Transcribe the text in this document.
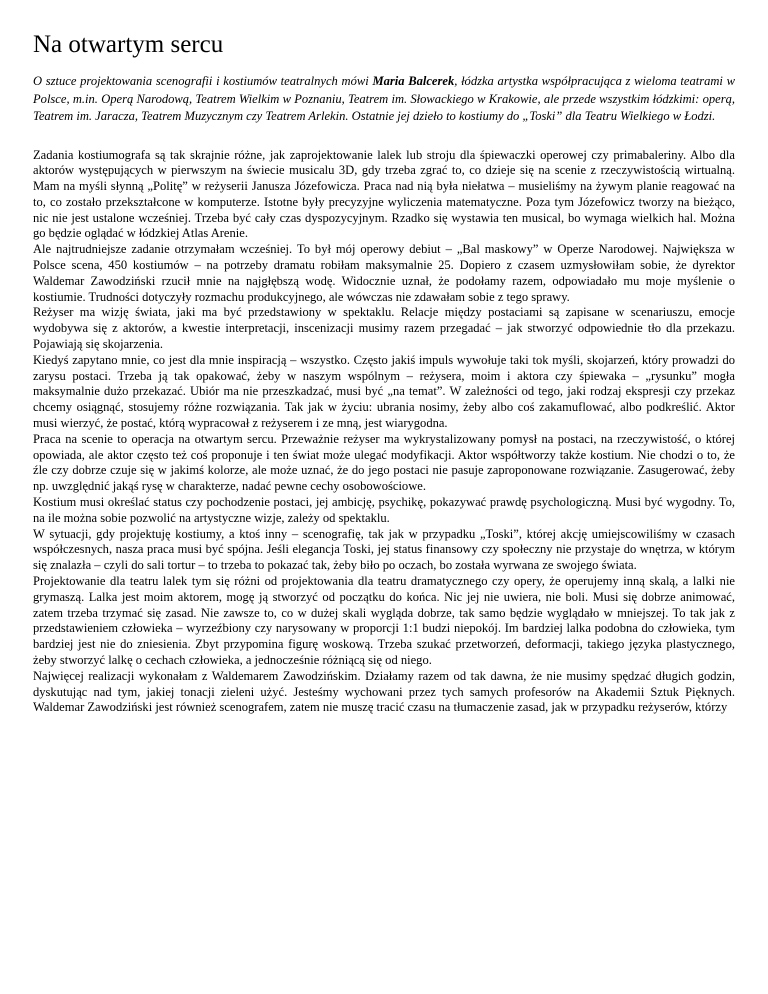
Na otwartym sercu

O sztuce projektowania scenografii i kostiumów teatralnych mówi Maria Balcerek, łódzka artystka współpracująca z wieloma teatrami w Polsce, m.in. Operą Narodową, Teatrem Wielkim w Poznaniu, Teatrem im. Słowackiego w Krakowie, ale przede wszystkim łódzkimi: operą, Teatrem im. Jaracza, Teatrem Muzycznym czy Teatrem Arlekin. Ostatnie jej dzieło to kostiumy do „Toski” dla Teatru Wielkiego w Łodzi.

Zadania kostiumografa są tak skrajnie różne, jak zaprojektowanie lalek lub stroju dla śpiewaczki operowej czy primabaleriny. Albo dla aktorów występujących w pierwszym na świecie musicalu 3D, gdy trzeba zgrać to, co dzieje się na scenie z rzeczywistością wirtualną. Mam na myśli słynną „Politę” w reżyserii Janusza Józefowicza. Praca nad nią była niełatwa – musieliśmy na żywym planie reagować na to, co zostało przekształcone w komputerze. Istotne były precyzyjne wyliczenia matematyczne. Poza tym Józefowicz tworzy na bieżąco, nic nie jest ustalone wcześniej. Trzeba być cały czas dyspozycyjnym. Rzadko się wystawia ten musical, bo wymaga wielkich hal. Można go będzie oglądać w łódzkiej Atlas Arenie.

Ale najtrudniejsze zadanie otrzymałam wcześniej. To był mój operowy debiut – „Bal maskowy” w Operze Narodowej. Największa w Polsce scena, 450 kostiumów – na potrzeby dramatu robiłam maksymalnie 25. Dopiero z czasem uzmysłowiłam sobie, że dyrektor Waldemar Zawodziński rzucił mnie na najgłębszą wodę. Widocznie uznał, że podołamy razem, odpowiadało mu moje myślenie o kostiumie. Trudności dotyczyły rozmachu produkcyjnego, ale wówczas nie zdawałam sobie z tego sprawy.

Reżyser ma wizję świata, jaki ma być przedstawiony w spektaklu. Relacje między postaciami są zapisane w scenariuszu, emocje wydobywa się z aktorów, a kwestie interpretacji, inscenizacji musimy razem przegadać – jak stworzyć odpowiednie tło dla przekazu. Pojawiają się skojarzenia.

Kiedyś zapytano mnie, co jest dla mnie inspiracją – wszystko. Często jakiś impuls wywołuje taki tok myśli, skojarzeń, który prowadzi do zarysu postaci. Trzeba ją tak opakować, żeby w naszym wspólnym – reżysera, moim i aktora czy śpiewaka – „rysunku” mogła maksymalnie dużo przekazać. Ubiór ma nie przeszkadzać, musi być „na temat”. W zależności od tego, jaki rodzaj ekspresji czy przekaz chcemy osiągnąć, stosujemy różne rozwiązania. Tak jak w życiu: ubrania nosimy, żeby albo coś zakamuflować, albo podkreślić. Aktor musi wierzyć, że postać, którą wypracował z reżyserem i ze mną, jest wiarygodna.

Praca na scenie to operacja na otwartym sercu. Przeważnie reżyser ma wykrystalizowany pomysł na postaci, na rzeczywistość, o której opowiada, ale aktor często też coś proponuje i ten świat może ulegać modyfikacji. Aktor współtworzy także kostium. Nie chodzi o to, że źle czy dobrze czuje się w jakimś kolorze, ale może uznać, że do jego postaci nie pasuje zaproponowane rozwiązanie. Zasugerować, żeby np. uwzględnić jakąś rysę w charakterze, nadać pewne cechy osobowościowe.

Kostium musi określać status czy pochodzenie postaci, jej ambicję, psychikę, pokazywać prawdę psychologiczną. Musi być wygodny. To, na ile można sobie pozwolić na artystyczne wizje, zależy od spektaklu.

W sytuacji, gdy projektuję kostiumy, a ktoś inny – scenografię, tak jak w przypadku „Toski”, której akcję umiejscowiliśmy w czasach współczesnych, nasza praca musi być spójna. Jeśli elegancja Toski, jej status finansowy czy społeczny nie przystaje do wnętrza, w którym się znalazła – czyli do sali tortur – to trzeba to pokazać tak, żeby biło po oczach, bo została wyrwana ze swojego świata.

Projektowanie dla teatru lalek tym się różni od projektowania dla teatru dramatycznego czy opery, że operujemy inną skalą, a lalki nie grymaszą. Lalka jest moim aktorem, mogę ją stworzyć od początku do końca. Nic jej nie uwiera, nie boli. Musi się dobrze animować, zatem trzeba trzymać się zasad. Nie zawsze to, co w dużej skali wygląda dobrze, tak samo będzie wyglądało w mniejszej. To tak jak z przedstawieniem człowieka – wyrzeźbiony czy narysowany w proporcji 1:1 budzi niepokój. Im bardziej lalka podobna do człowieka, tym bardziej jest nie do zniesienia. Zbyt przypomina figurę woskową. Trzeba szukać przetworzeń, deformacji, takiego języka plastycznego, żeby stworzyć lalkę o cechach człowieka, a jednocześnie różniącą się od niego.

Najwięcej realizacji wykonałam z Waldemarem Zawodzińskim. Działamy razem od tak dawna, że nie musimy spędzać długich godzin, dyskutując nad tym, jakiej tonacji zieleni użyć. Jesteśmy wychowani przez tych samych profesorów na Akademii Sztuk Pięknych. Waldemar Zawodziński jest również scenografem, zatem nie muszę tracić czasu na tłumaczenie zasad, jak w przypadku reżyserów, którzy
